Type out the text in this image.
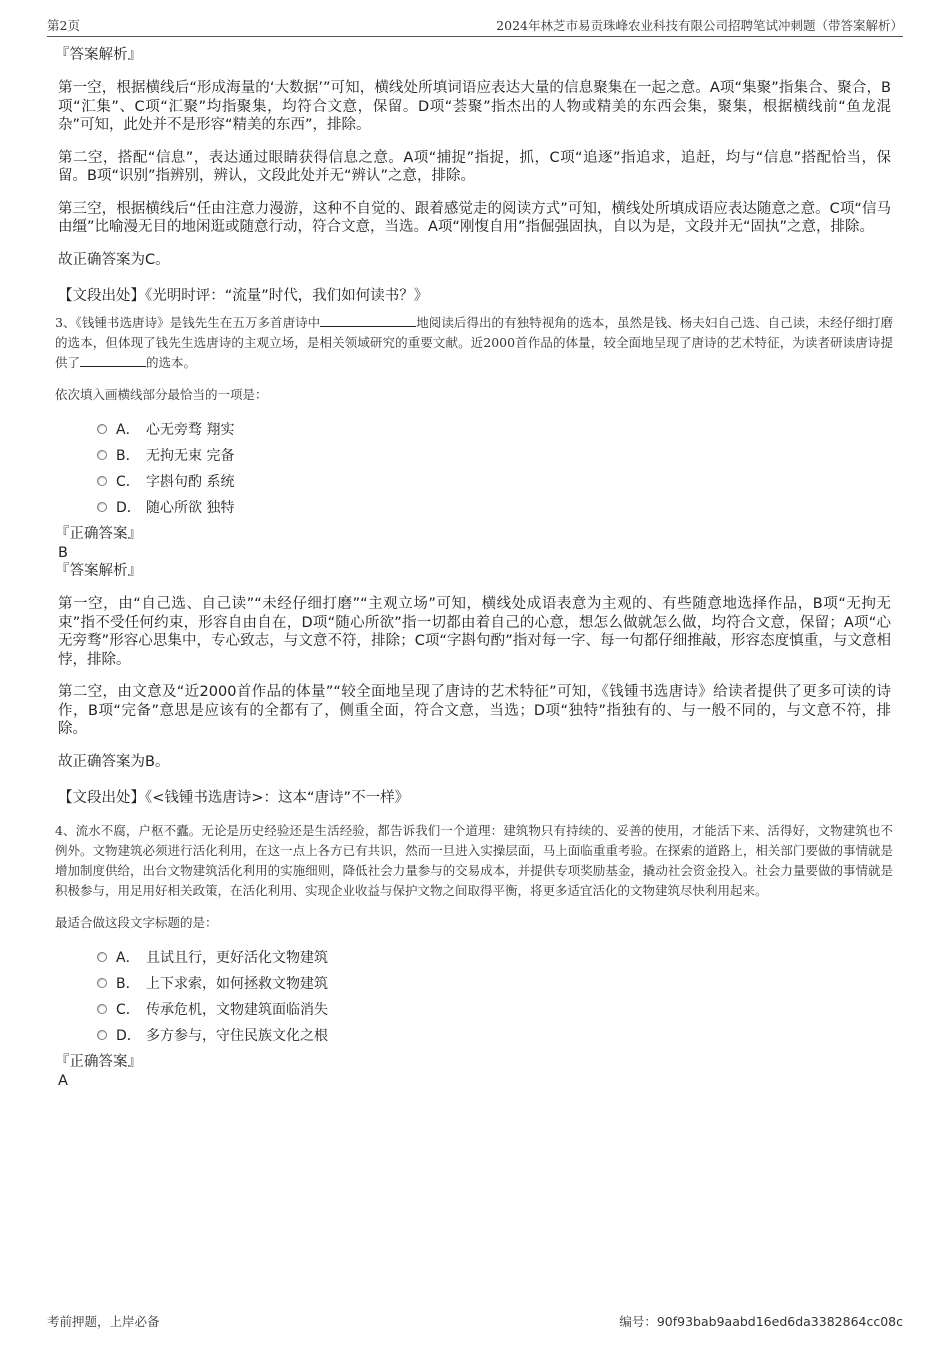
第2页	2024年林芝市易贡珠峰农业科技有限公司招聘笔试冲刺题（带答案解析）

『答案解析』

第一空，根据横线后“形成海量的‘大数据’”可知，横线处所填词语应表达大量的信息聚集在一起之意。A项“集聚”指集合、聚合，B项“汇集”、C项“汇聚”均指聚集，均符合文意，保留。D项“荟聚”指杰出的人物或精美的东西会集，聚集，根据横线前“鱼龙混杂”可知，此处并不是形容“精美的东西”，排除。

第二空，搭配“信息”，表达通过眼睛获得信息之意。A项“捕捉”指捉，抓，C项“追逐”指追求，追赶，均与“信息”搭配恰当，保留。B项“识别”指辨别，辨认，文段此处并无“辨认”之意，排除。

第三空，根据横线后“任由注意力漫游，这种不自觉的、跟着感觉走的阅读方式”可知，横线处所填成语应表达随意之意。C项“信马由缰”比喻漫无目的地闲逛或随意行动，符合文意，当选。A项“刚愎自用”指倔强固执，自以为是，文段并无“固执”之意，排除。

故正确答案为C。

【文段出处】《光明时评：“流量”时代，我们如何读书？》

3、《钱锺书选唐诗》是钱先生在五万多首唐诗中	地阅读后得出的有独特视角的选本，虽然是钱、杨夫妇自己选、自己读，未经仔细打磨的选本，但体现了钱先生选唐诗的主观立场，是相关领域研究的重要文献。近2000首作品的体量，较全面地呈现了唐诗的艺术特征，为读者研读唐诗提供了	的选本。

依次填入画横线部分最恰当的一项是：

A． 心无旁骛 翔实
B． 无拘无束 完备
C． 字斟句酌 系统
D． 随心所欲 独特

『正确答案』

B

『答案解析』

第一空，由“自己选、自己读”“未经仔细打磨”“主观立场”可知，横线处成语表意为主观的、有些随意地选择作品，B项“无拘无束”指不受任何约束，形容自由自在，D项“随心所欲”指一切都由着自己的心意，想怎么做就怎么做，均符合文意，保留；A项“心无旁骛”形容心思集中，专心致志，与文意不符，排除；C项“字斟句酌”指对每一字、每一句都仔细推敲，形容态度慎重，与文意相悖，排除。

第二空，由文意及“近2000首作品的体量”“较全面地呈现了唐诗的艺术特征”可知，《钱锺书选唐诗》给读者提供了更多可读的诗作，B项“完备”意思是应该有的全都有了，侧重全面，符合文意，当选；D项“独特”指独有的、与一般不同的，与文意不符，排除。

故正确答案为B。

【文段出处】《<钱锺书选唐诗>：这本“唐诗”不一样》

4、流水不腐，户枢不蠹。无论是历史经验还是生活经验，都告诉我们一个道理：建筑物只有持续的、妥善的使用，才能活下来、活得好，文物建筑也不例外。文物建筑必须进行活化利用，在这一点上各方已有共识，然而一旦进入实操层面，马上面临重重考验。在探索的道路上，相关部门要做的事情就是增加制度供给，出台文物建筑活化利用的实施细则，降低社会力量参与的交易成本，并提供专项奖励基金，撬动社会资金投入。社会力量要做的事情就是积极参与，用足用好相关政策，在活化利用、实现企业收益与保护文物之间取得平衡，将更多适宜活化的文物建筑尽快利用起来。

最适合做这段文字标题的是：

A． 且试且行，更好活化文物建筑
B． 上下求索，如何拯救文物建筑
C． 传承危机，文物建筑面临消失
D． 多方参与，守住民族文化之根

『正确答案』

A

考前押题，上岸必备	编号：90f93bab9aabd16ed6da3382864cc08c
